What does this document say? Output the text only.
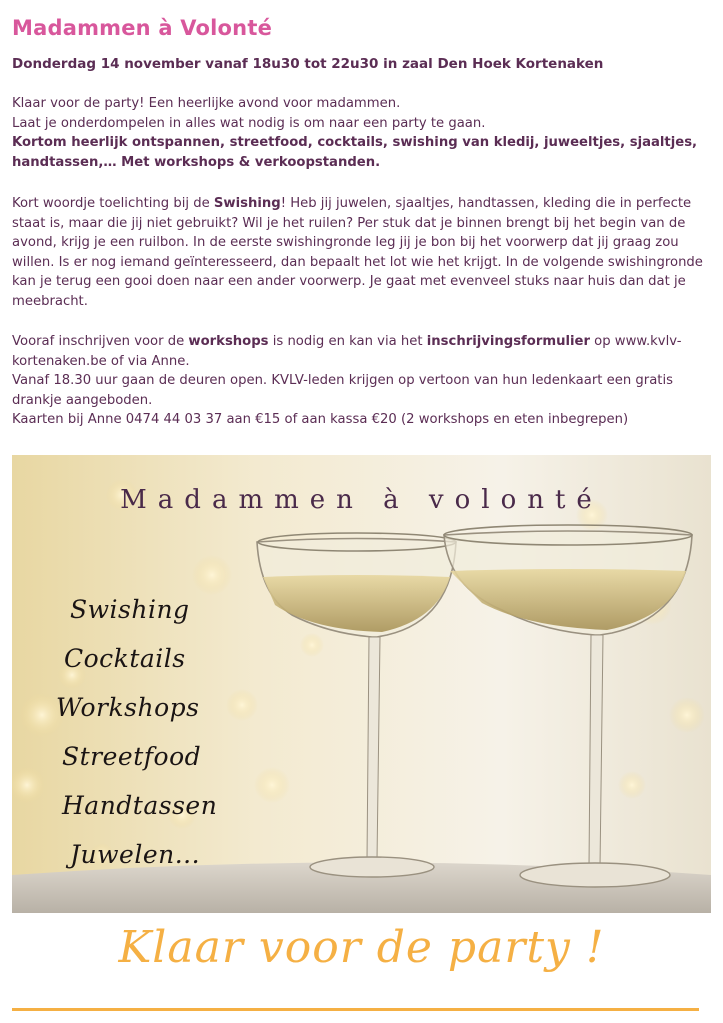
Madammen à Volonté

Donderdag 14 november vanaf 18u30 tot 22u30 in zaal Den Hoek Kortenaken

Klaar voor de party! Een heerlijke avond voor madammen.
Laat je onderdompelen in alles wat nodig is om naar een party te gaan.
Kortom heerlijk ontspannen, streetfood, cocktails, swishing van kledij, juweeltjes, sjaaltjes, handtassen,… Met workshops & verkoopstanden.

Kort woordje toelichting bij de Swishing! Heb jij juwelen, sjaaltjes, handtassen, kleding die in perfecte staat is, maar die jij niet gebruikt? Wil je het ruilen? Per stuk dat je binnen brengt bij het begin van de avond, krijg je een ruilbon. In de eerste swishingronde leg jij je bon bij het voorwerp dat jij graag zou willen. Is er nog iemand geïnteresseerd, dan bepaalt het lot wie het krijgt. In de volgende swishingronde kan je terug een gooi doen naar een ander voorwerp. Je gaat met evenveel stuks naar huis dan dat je meebracht.

Vooraf inschrijven voor de workshops is nodig en kan via het inschrijvingsformulier op www.kvlv-kortenaken.be of via Anne.
Vanaf 18.30 uur gaan de deuren open. KVLV-leden krijgen op vertoon van hun ledenkaart een gratis drankje aangeboden.
Kaarten bij Anne 0474 44 03 37 aan €15 of aan kassa €20 (2 workshops en eten inbegrepen)

Madammen à volonté
Swishing
Cocktails
Workshops
Streetfood
Handtassen
Juwelen...
Klaar voor de party !
